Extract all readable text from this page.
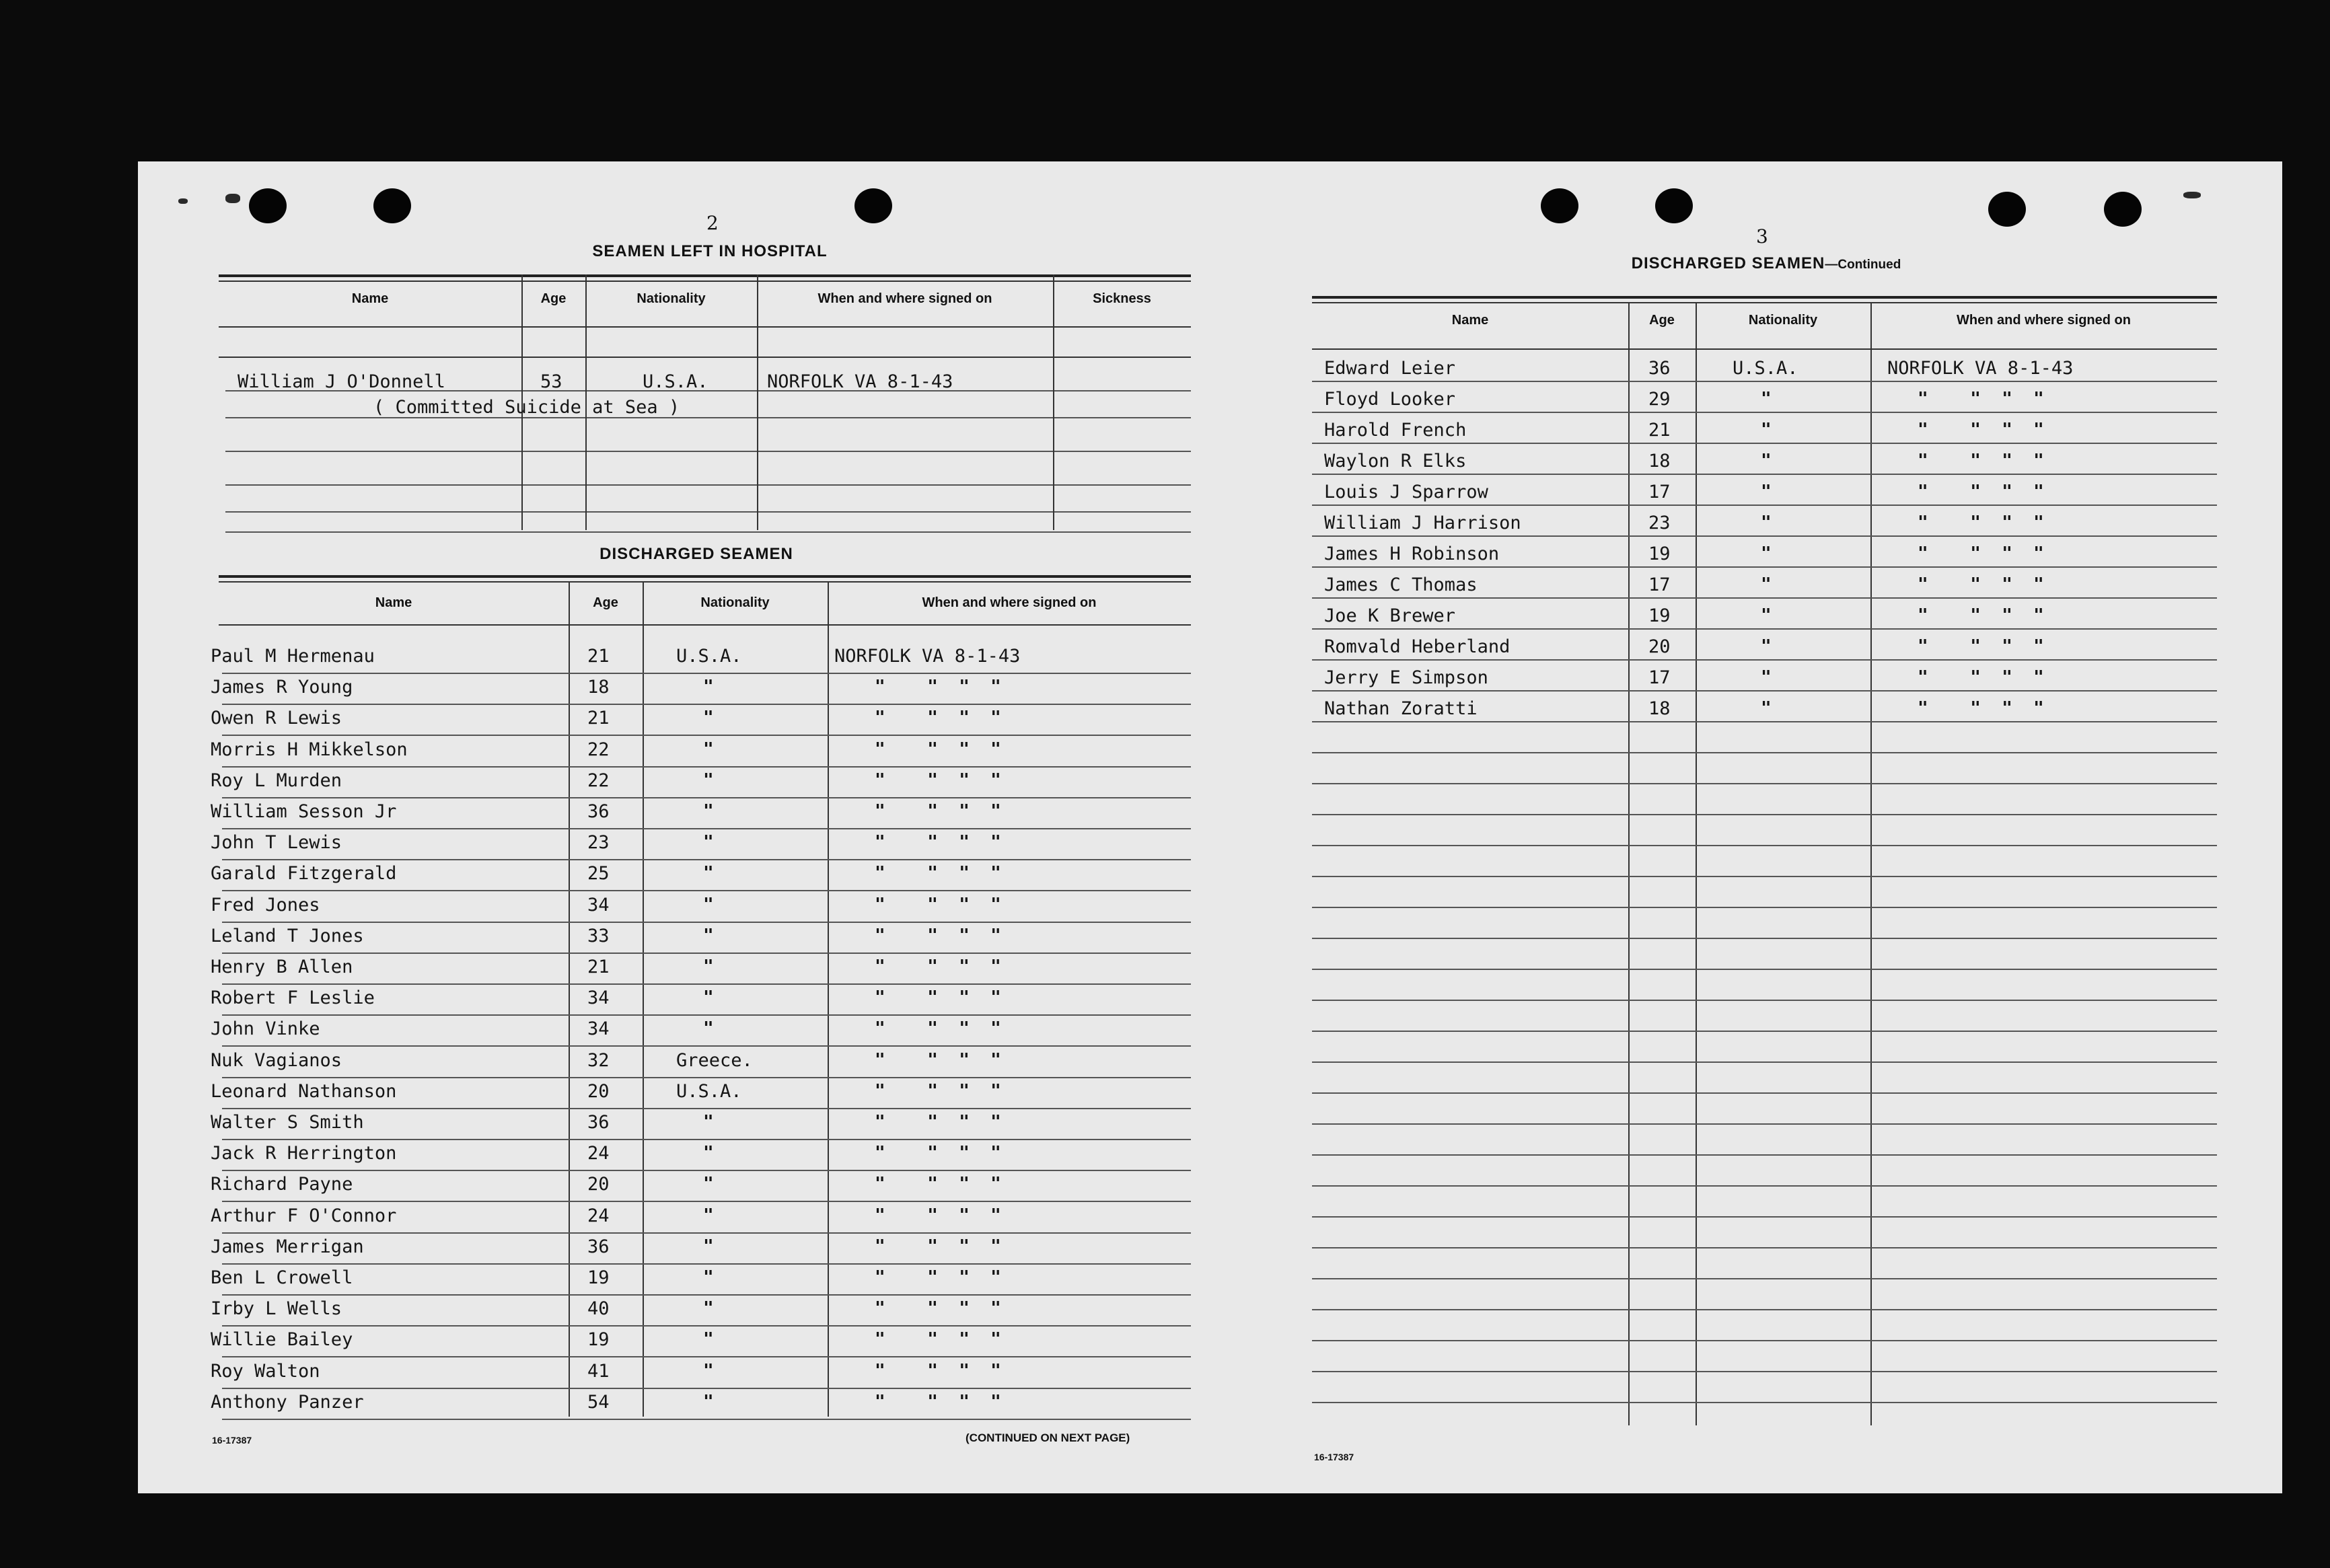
2
SEAMEN LEFT IN HOSPITAL
Name	Age	Nationality	When and where signed on	Sickness
William J O'Donnell	53	U.S.A.	NORFOLK VA 8-1-43
( Committed Suicide at Sea )
DISCHARGED SEAMEN
Name	Age	Nationality	When and where signed on
Paul M Hermenau	21	U.S.A.	NORFOLK VA 8-1-43
James R Young	18	"	"    "  "  "
Owen R Lewis	21	"	"    "  "  "
Morris H Mikkelson	22	"	"    "  "  "
Roy L Murden	22	"	"    "  "  "
William Sesson Jr	36	"	"    "  "  "
John T Lewis	23	"	"    "  "  "
Garald Fitzgerald	25	"	"    "  "  "
Fred Jones	34	"	"    "  "  "
Leland T Jones	33	"	"    "  "  "
Henry B Allen	21	"	"    "  "  "
Robert F Leslie	34	"	"    "  "  "
John Vinke	34	"	"    "  "  "
Nuk Vagianos	32	Greece.	"    "  "  "
Leonard Nathanson	20	U.S.A.	"    "  "  "
Walter S Smith	36	"	"    "  "  "
Jack R Herrington	24	"	"    "  "  "
Richard Payne	20	"	"    "  "  "
Arthur F O'Connor	24	"	"    "  "  "
James Merrigan	36	"	"    "  "  "
Ben L Crowell	19	"	"    "  "  "
Irby L Wells	40	"	"    "  "  "
Willie Bailey	19	"	"    "  "  "
Roy Walton	41	"	"    "  "  "
Anthony Panzer	54	"	"    "  "  "
16-17387	(CONTINUED ON NEXT PAGE)
3
DISCHARGED SEAMEN—Continued
Name	Age	Nationality	When and where signed on
Edward Leier	36	U.S.A.	NORFOLK VA 8-1-43
Floyd Looker	29	"	"    "  "  "
Harold French	21	"	"    "  "  "
Waylon R Elks	18	"	"    "  "  "
Louis J Sparrow	17	"	"    "  "  "
William J Harrison	23	"	"    "  "  "
James H Robinson	19	"	"    "  "  "
James C Thomas	17	"	"    "  "  "
Joe K Brewer	19	"	"    "  "  "
Romvald Heberland	20	"	"    "  "  "
Jerry E Simpson	17	"	"    "  "  "
Nathan Zoratti	18	"	"    "  "  "
16-17387
